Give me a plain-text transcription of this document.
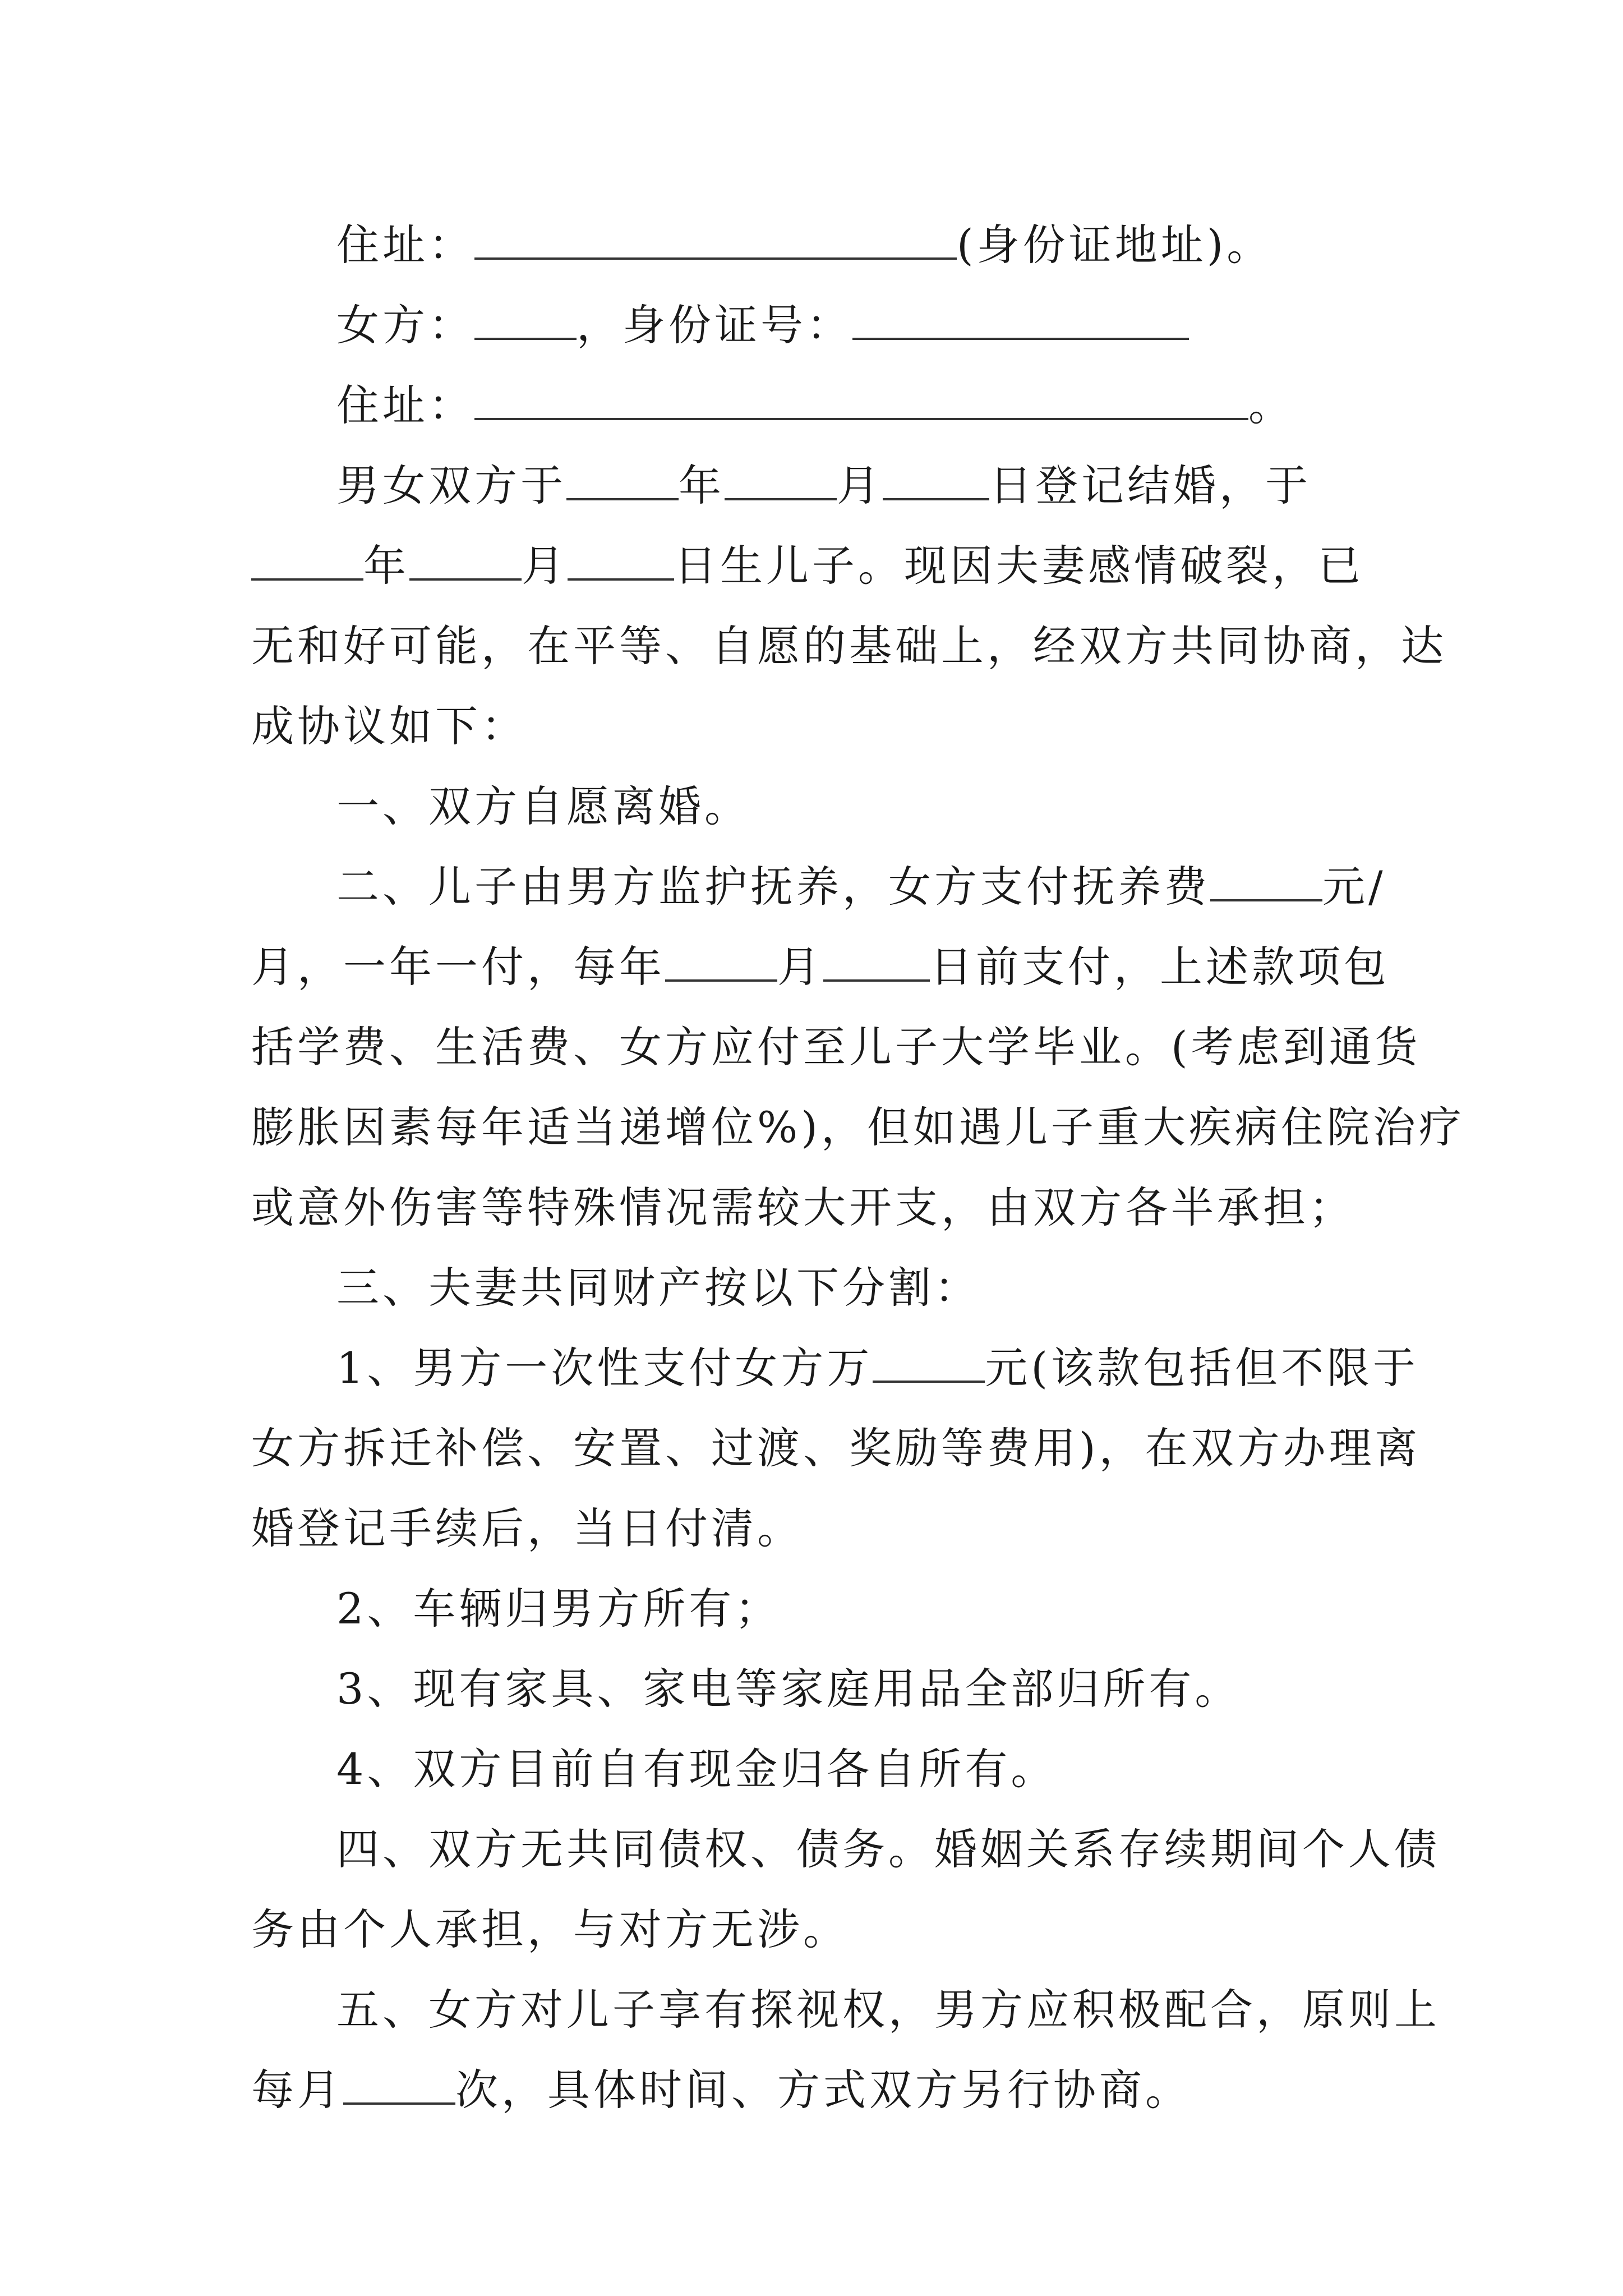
住址：	(身份证地址)。
女方： ，身份证号：
住址：	。
男女双方于	年	月	日登记结婚，于
年	月	日生儿子。现因夫妻感情破裂，已
无和好可能，在平等、自愿的基础上，经双方共同协商，达
成协议如下：
一、双方自愿离婚。
二、儿子由男方监护抚养，女方支付抚养费	元/
月，一年一付，每年	月	日前支付，上述款项包
括学费、生活费、女方应付至儿子大学毕业。(考虑到通货
膨胀因素每年适当递增位%)，但如遇儿子重大疾病住院治疗
或意外伤害等特殊情况需较大开支，由双方各半承担；
三、夫妻共同财产按以下分割：
1、男方一次性支付女方万	元(该款包括但不限于
女方拆迁补偿、安置、过渡、奖励等费用)，在双方办理离
婚登记手续后，当日付清。
2、车辆归男方所有；
3、现有家具、家电等家庭用品全部归所有。
4、双方目前自有现金归各自所有。
四、双方无共同债权、债务。婚姻关系存续期间个人债
务由个人承担，与对方无涉。
五、女方对儿子享有探视权，男方应积极配合，原则上
每月	次，具体时间、方式双方另行协商。
